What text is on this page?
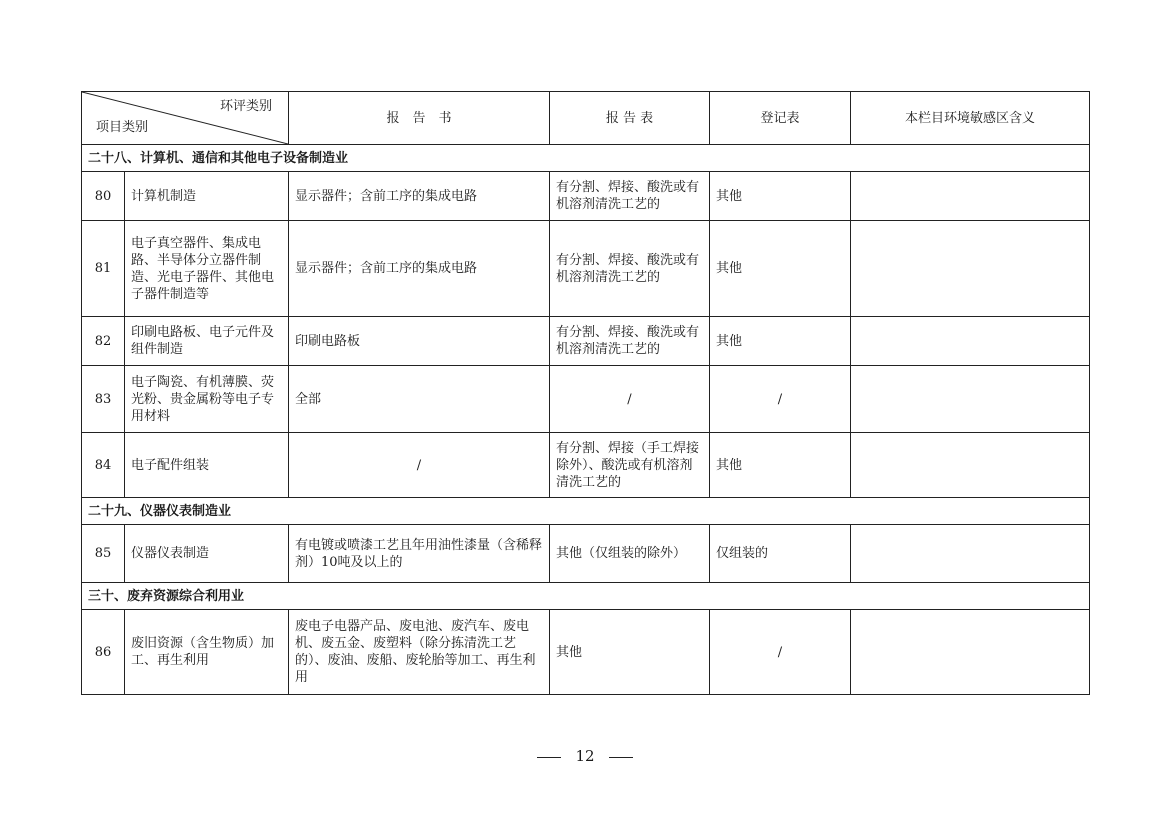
环评类别
项目类别		报　告　书	报 告 表	登记表	本栏目环境敏感区含义
二十八、计算机、通信和其他电子设备制造业					
80	计算机制造	显示器件；含前工序的集成电路	有分割、焊接、酸洗或有机溶剂清洗工艺的	其他	
81	电子真空器件、集成电路、半导体分立器件制造、光电子器件、其他电子器件制造等	显示器件；含前工序的集成电路	有分割、焊接、酸洗或有机溶剂清洗工艺的	其他	
82	印刷电路板、电子元件及组件制造	印刷电路板	有分割、焊接、酸洗或有机溶剂清洗工艺的	其他	
83	电子陶瓷、有机薄膜、荧光粉、贵金属粉等电子专用材料	全部	/	/	
84	电子配件组装	/	有分割、焊接（手工焊接除外）、酸洗或有机溶剂清洗工艺的	其他	
二十九、仪器仪表制造业					
85	仪器仪表制造	有电镀或喷漆工艺且年用油性漆量（含稀释剂）10吨及以上的	其他（仅组装的除外）	仅组装的	
三十、废弃资源综合利用业					
86	废旧资源（含生物质）加工、再生利用	废电子电器产品、废电池、废汽车、废电机、废五金、废塑料（除分拣清洗工艺的）、废油、废船、废轮胎等加工、再生利用	其他	/	
12
